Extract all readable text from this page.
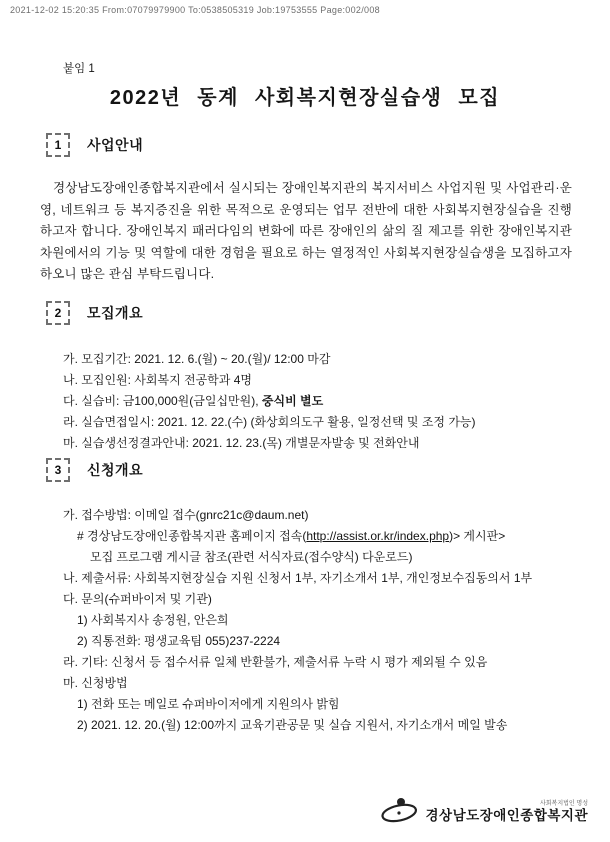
2021-12-02 15:20:35 From:07079979900 To:0538505319 Job:19753555 Page:002/008
붙임 1
2022년 동계 사회복지현장실습생 모집
1	사업안내
경상남도장애인종합복지관에서 실시되는 장애인복지관의 복지서비스 사업지원 및 사업관리·운영, 네트워크 등 복지증진을 위한 목적으로 운영되는 업무 전반에 대한 사회복지현장실습을 진행하고자 합니다. 장애인복지 패러다임의 변화에 따른 장애인의 삶의 질 제고를 위한 장애인복지관 차원에서의 기능 및 역할에 대한 경험을 필요로 하는 열정적인 사회복지현장실습생을 모집하고자 하오니 많은 관심 부탁드립니다.
2	모집개요
가. 모집기간: 2021. 12. 6.(월) ~ 20.(월)/ 12:00 마감
나. 모집인원: 사회복지 전공학과 4명
다. 실습비: 금100,000원(금일십만원), 중식비 별도
라. 실습면접일시: 2021. 12. 22.(수) (화상회의도구 활용, 일정선택 및 조정 가능)
마. 실습생선정결과안내: 2021. 12. 23.(목) 개별문자발송 및 전화안내
3	신청개요
가. 접수방법: 이메일 접수(gnrc21c@daum.net)
# 경상남도장애인종합복지관 홈페이지 접속(http://assist.or.kr/index.php)> 게시판>
모집 프로그램 게시글 참조(관련 서식자료(접수양식) 다운로드)
나. 제출서류: 사회복지현장실습 지원 신청서 1부, 자기소개서 1부, 개인정보수집동의서 1부
다. 문의(슈퍼바이저 및 기관)
1) 사회복지사 송정원, 안은희
2) 직통전화: 평생교육팀 055)237-2224
라. 기타: 신청서 등 접수서류 일체 반환불가, 제출서류 누락 시 평가 제외될 수 있음
마. 신청방법
1) 전화 또는 메일로 슈퍼바이저에게 지원의사 밝힘
2) 2021. 12. 20.(월) 12:00까지 교육기관공문 및 실습 지원서, 자기소개서 메일 발송
사회복지법인 명성
경상남도장애인종합복지관
